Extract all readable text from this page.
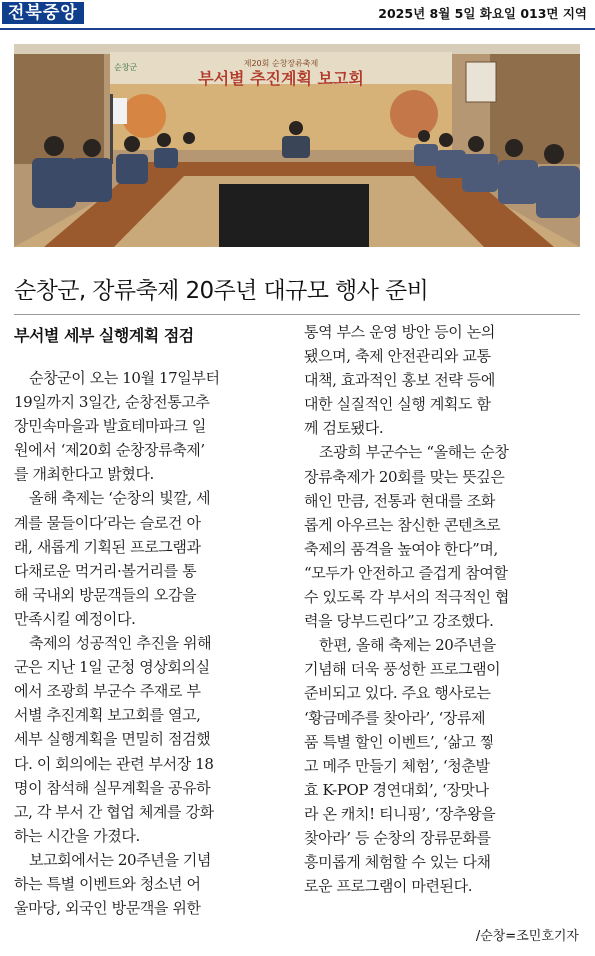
전북중앙	2025년 8월 5일 화요일 013면 지역
순창군	제20회 순창장류축제
부서별 추진계획 보고회
순창군, 장류축제 20주년 대규모 행사 준비
부서별 세부 실행계획 점검
순창군이 오는 10월 17일부터
19일까지 3일간, 순창전통고추
장민속마을과 발효테마파크 일
원에서 ‘제20회 순창장류축제’
를 개최한다고 밝혔다.
올해 축제는 ‘순창의 빛깔, 세
계를 물들이다’라는 슬로건 아
래, 새롭게 기획된 프로그램과
다채로운 먹거리·볼거리를 통
해 국내외 방문객들의 오감을
만족시킬 예정이다.
축제의 성공적인 추진을 위해
군은 지난 1일 군청 영상회의실
에서 조광희 부군수 주재로 부
서별 추진계획 보고회를 열고,
세부 실행계획을 면밀히 점검했
다. 이 회의에는 관련 부서장 18
명이 참석해 실무계획을 공유하
고, 각 부서 간 협업 체계를 강화
하는 시간을 가졌다.
보고회에서는 20주년을 기념
하는 특별 이벤트와 청소년 어
울마당, 외국인 방문객을 위한
통역 부스 운영 방안 등이 논의
됐으며, 축제 안전관리와 교통
대책, 효과적인 홍보 전략 등에
대한 실질적인 실행 계획도 함
께 검토됐다.
조광희 부군수는 “올해는 순창
장류축제가 20회를 맞는 뜻깊은
해인 만큼, 전통과 현대를 조화
롭게 아우르는 참신한 콘텐츠로
축제의 품격을 높여야 한다”며,
“모두가 안전하고 즐겁게 참여할
수 있도록 각 부서의 적극적인 협
력을 당부드린다”고 강조했다.
한편, 올해 축제는 20주년을
기념해 더욱 풍성한 프로그램이
준비되고 있다. 주요 행사로는
‘황금메주를 찾아라’, ‘장류제
품 특별 할인 이벤트’, ‘삶고 찧
고 메주 만들기 체험’, ‘청춘발
효 K-POP 경연대회’, ‘장맛나
라 온 캐치! 티니핑’, ‘장추왕을
찾아라’ 등 순창의 장류문화를
흥미롭게 체험할 수 있는 다채
로운 프로그램이 마련된다.
/순창=조민호기자
